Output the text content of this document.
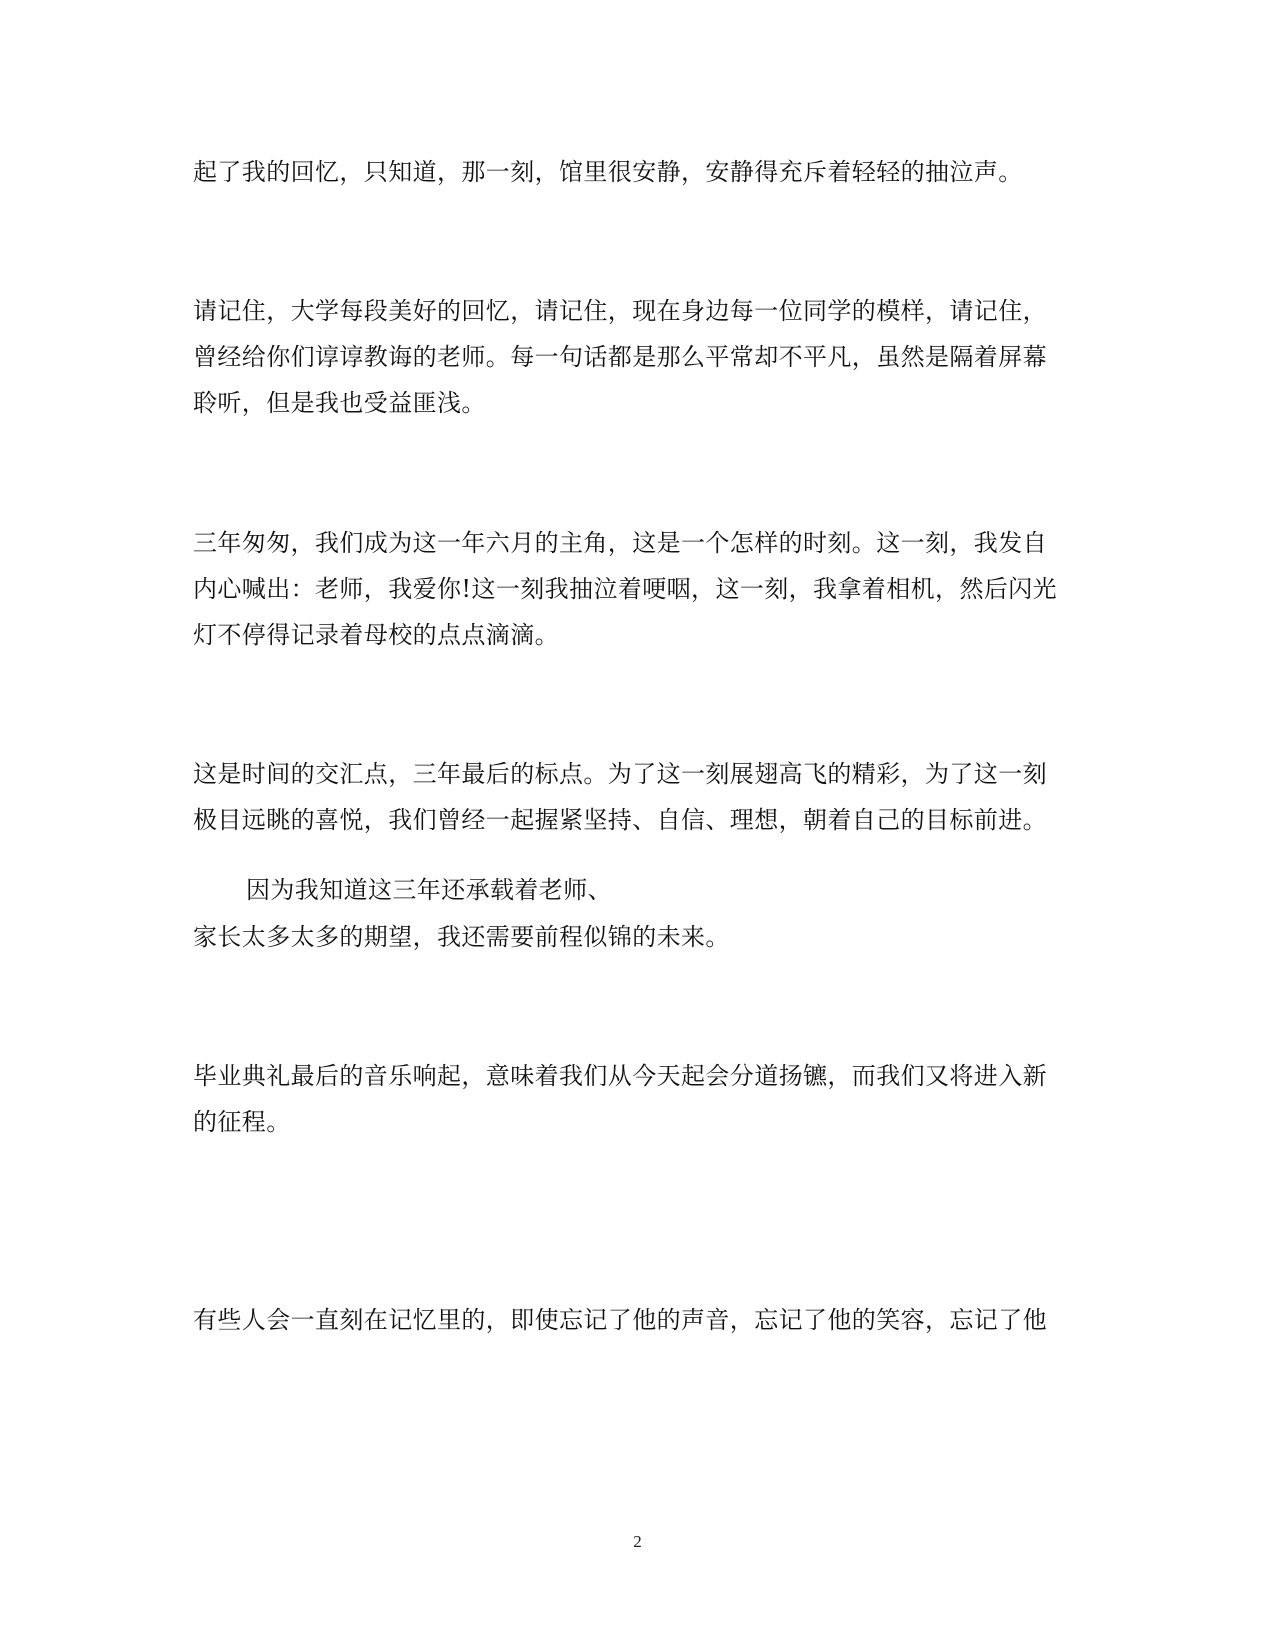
起了我的回忆，只知道，那一刻，馆里很安静，安静得充斥着轻轻的抽泣声。
请记住，大学每段美好的回忆，请记住，现在身边每一位同学的模样，请记住，
曾经给你们谆谆教诲的老师。每一句话都是那么平常却不平凡，虽然是隔着屏幕
聆听，但是我也受益匪浅。
三年匆匆，我们成为这一年六月的主角，这是一个怎样的时刻。这一刻，我发自
内心喊出：老师，我爱你!这一刻我抽泣着哽咽，这一刻，我拿着相机，然后闪光
灯不停得记录着母校的点点滴滴。
这是时间的交汇点，三年最后的标点。为了这一刻展翅高飞的精彩，为了这一刻
极目远眺的喜悦，我们曾经一起握紧坚持、自信、理想，朝着自己的目标前进。
因为我知道这三年还承载着老师、
家长太多太多的期望，我还需要前程似锦的未来。
毕业典礼最后的音乐响起，意味着我们从今天起会分道扬镳，而我们又将进入新
的征程。
有些人会一直刻在记忆里的，即使忘记了他的声音，忘记了他的笑容，忘记了他
2
